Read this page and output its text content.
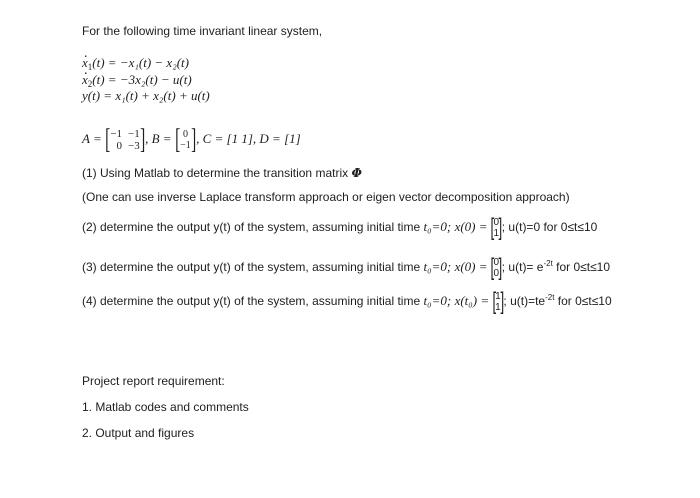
For the following time invariant linear system,
. $x_1(t) = -x_1(t) - x_2(t)$
. $x_2(t) = -3x_2(t) - u(t)$
y(t) = x₁(t) + x₂(t) + u(t)
A = [ −1 −1
0 −3 ] , B = [ 0
−1 ] , C = [1 1], D = [1]
(1) Using Matlab to determine the transition matrix Φ
(One can use inverse Laplace transform approach or eigen vector decomposition approach)
(2) determine the output y(t) of the system, assuming initial time t₀=0; x(0) = [ 0
1 ] ; u(t)=0 for 0≤t≤10
(3) determine the output y(t) of the system, assuming initial time t₀=0; x(0) = [ 0
0 ] ; $u(t)= e^{-2t}$ for 0≤t≤10
(4) determine the output y(t) of the system, assuming initial time t₀=0; x(t₀) = [ 1
1 ] ; $u(t)=te^{-2t}$ for 0≤t≤10
Project report requirement:
1. Matlab codes and comments
2. Output and figures
